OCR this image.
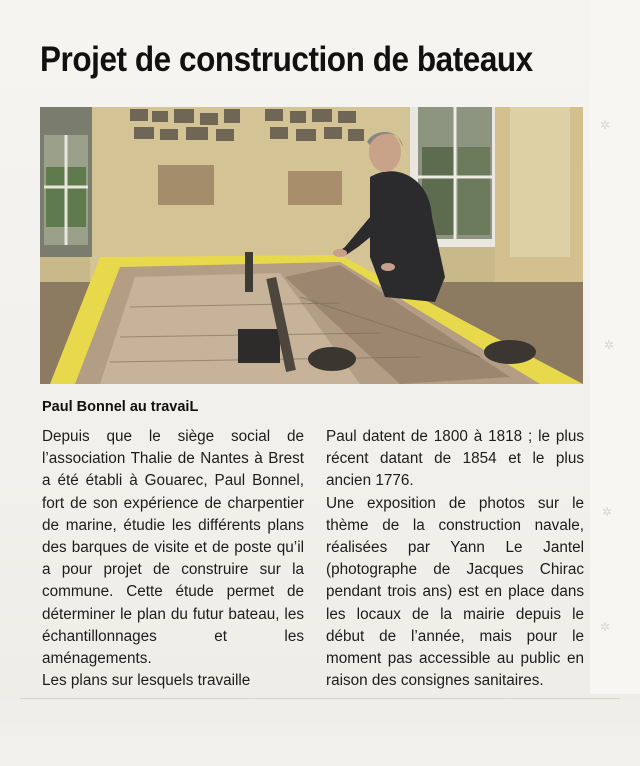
Projet de construction de bateaux
Paul Bonnel au travaiL

Depuis que le siège social de l’association Thalie de Nantes à Brest a été établi à Gouarec, Paul Bonnel, fort de son expérience de charpentier de marine, étudie les différents plans des barques de visite et de poste qu’il a pour projet de construire sur la commune. Cette étude permet de déterminer le plan du futur bateau, les échantillonnages et les aménagements.

Les plans sur lesquels travaille

Paul datent de 1800 à 1818 ; le plus récent datant de 1854 et le plus ancien 1776.

Une exposition de photos sur le thème de la construction navale, réalisées par Yann Le Jantel (photographe de Jacques Chirac pendant trois ans) est en place dans les locaux de la mairie depuis le début de l’année, mais pour le moment pas accessible au public en raison des consignes sanitaires.

✲
✲
✲
✲
